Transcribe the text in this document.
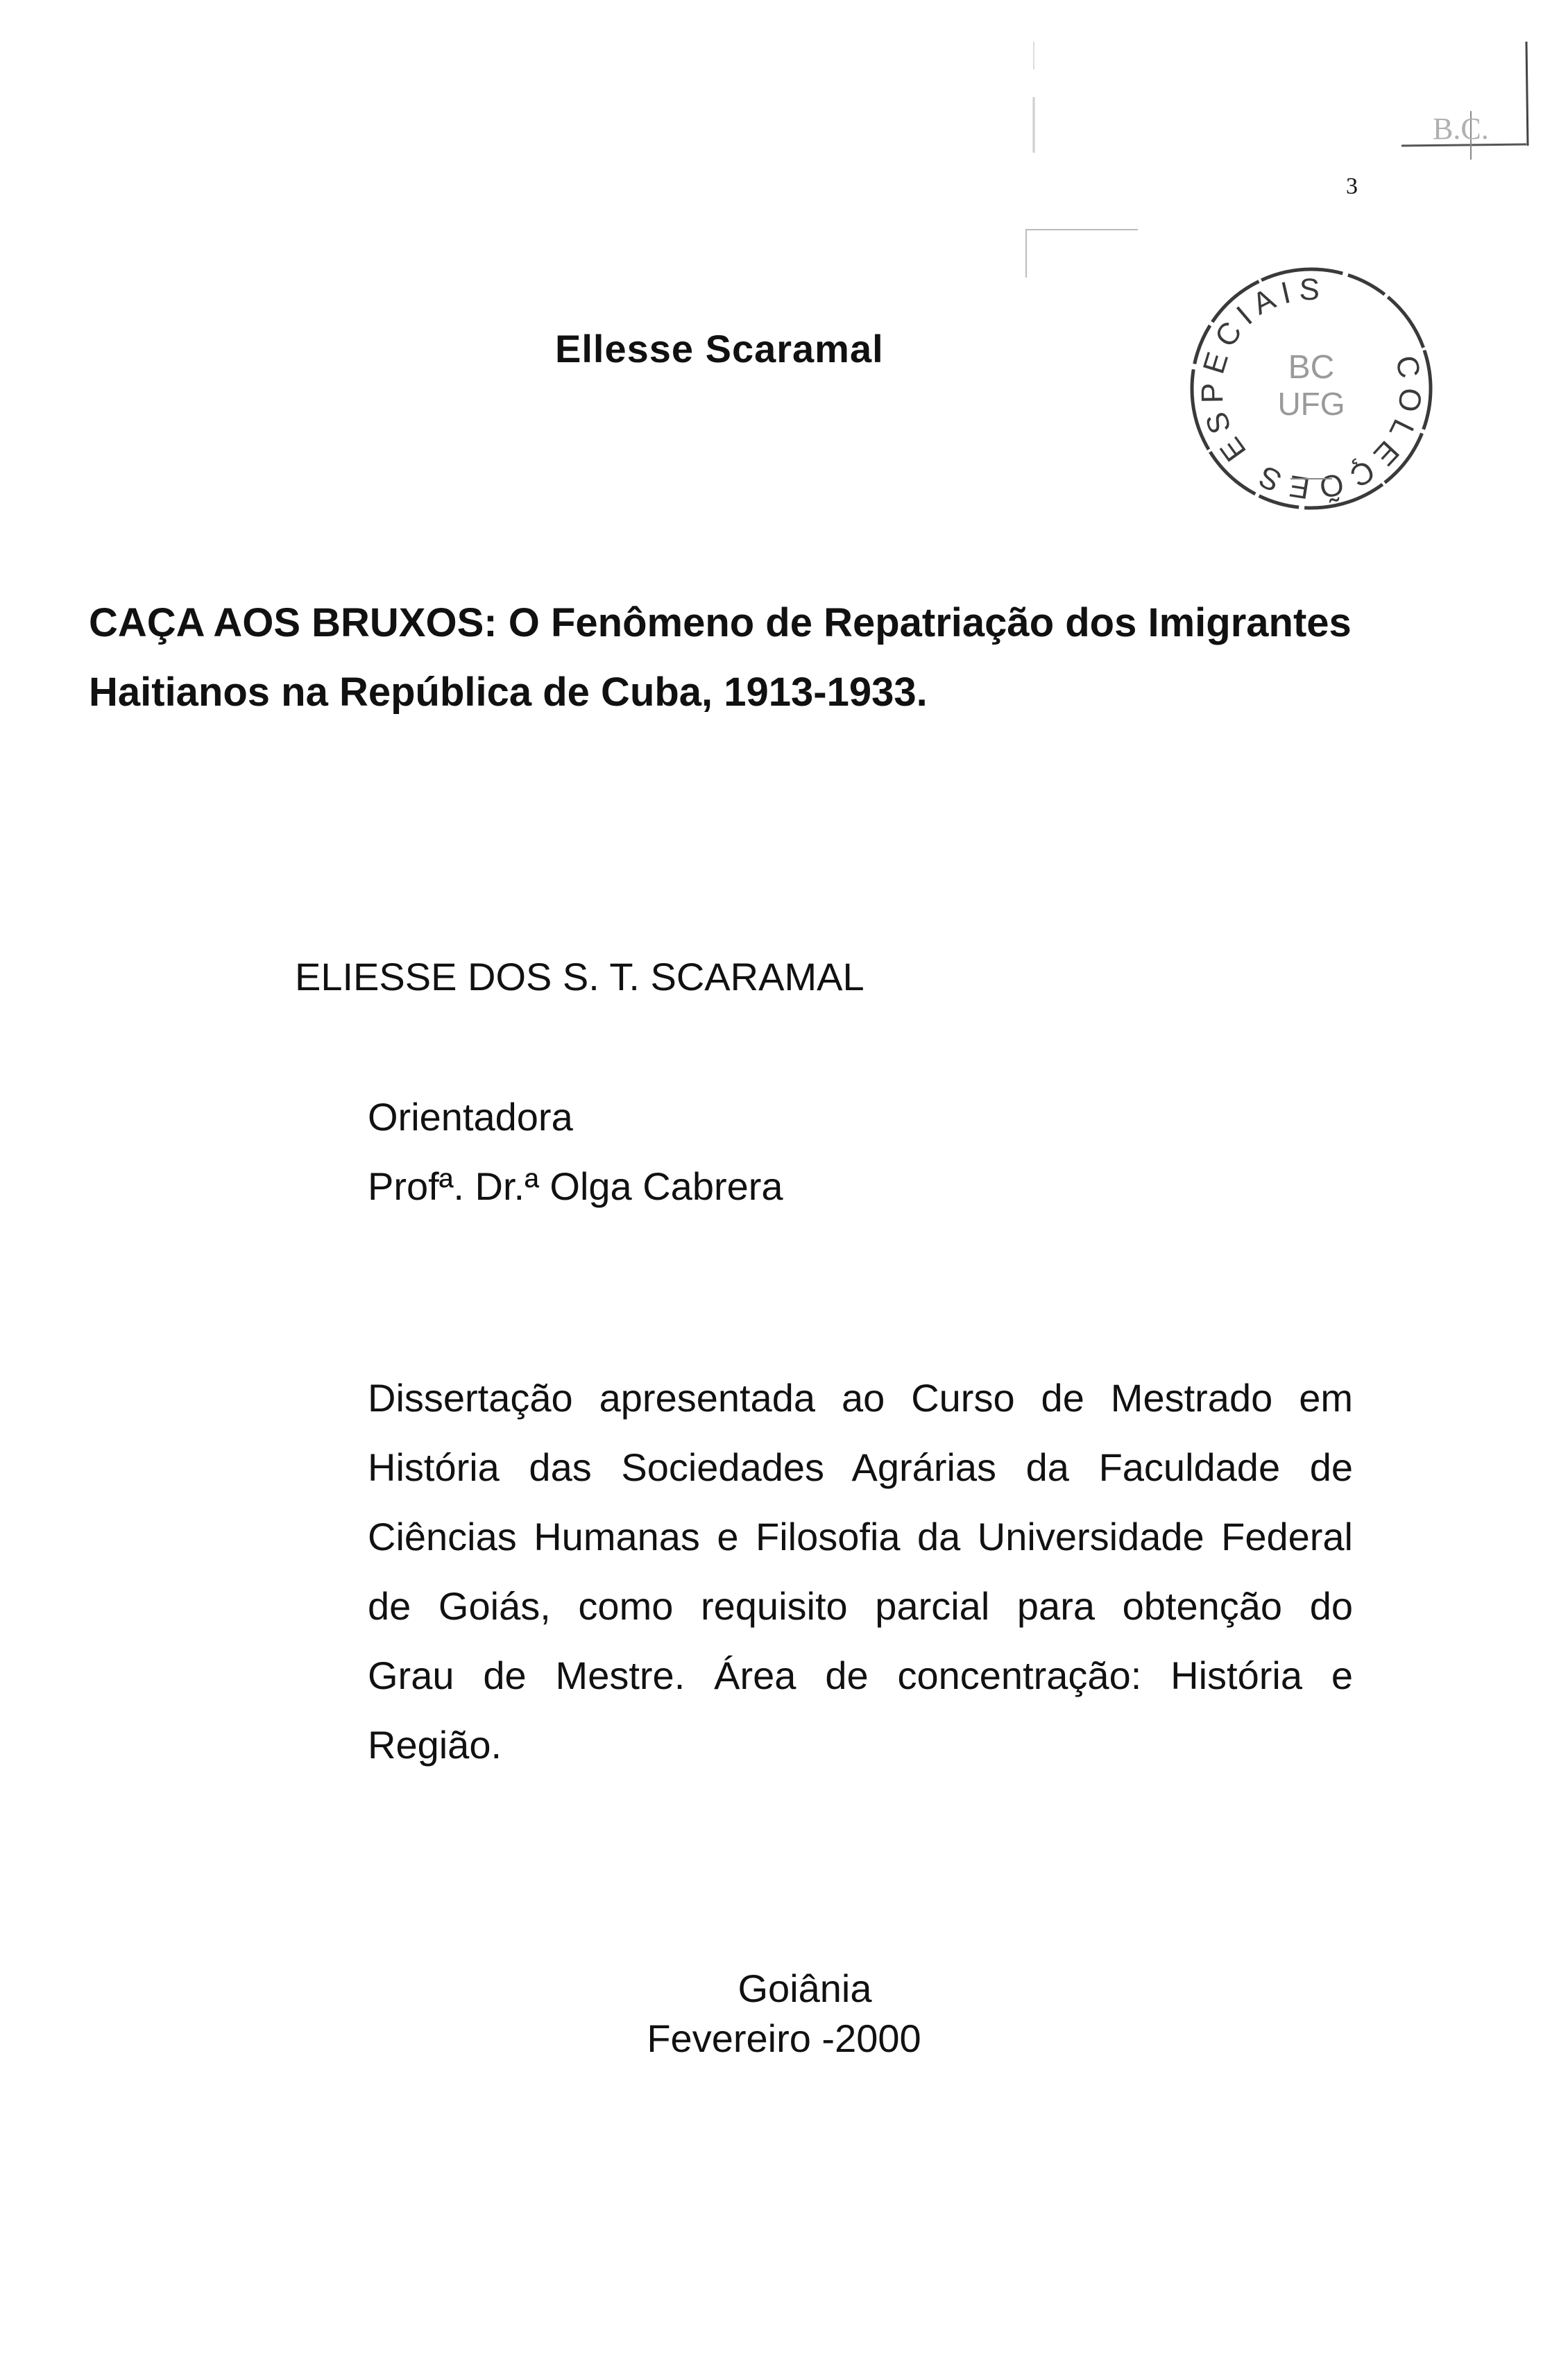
B.C.
3
Ellesse Scaramal	COLEÇÕES ESPECIAIS
BC
UFG
CAÇA AOS BRUXOS: O Fenômeno de Repatriação dos Imigrantes
Haitianos na República de Cuba, 1913-1933.
ELIESSE DOS S. T. SCARAMAL
Orientadora
Profª. Dr.ª Olga Cabrera
Dissertação apresentada ao Curso de Mestrado em
História das Sociedades Agrárias da Faculdade de
Ciências Humanas e Filosofia da Universidade Federal
de Goiás, como requisito parcial para obtenção do
Grau de Mestre. Área de concentração: História e
Região.
Goiânia
Fevereiro -2000
